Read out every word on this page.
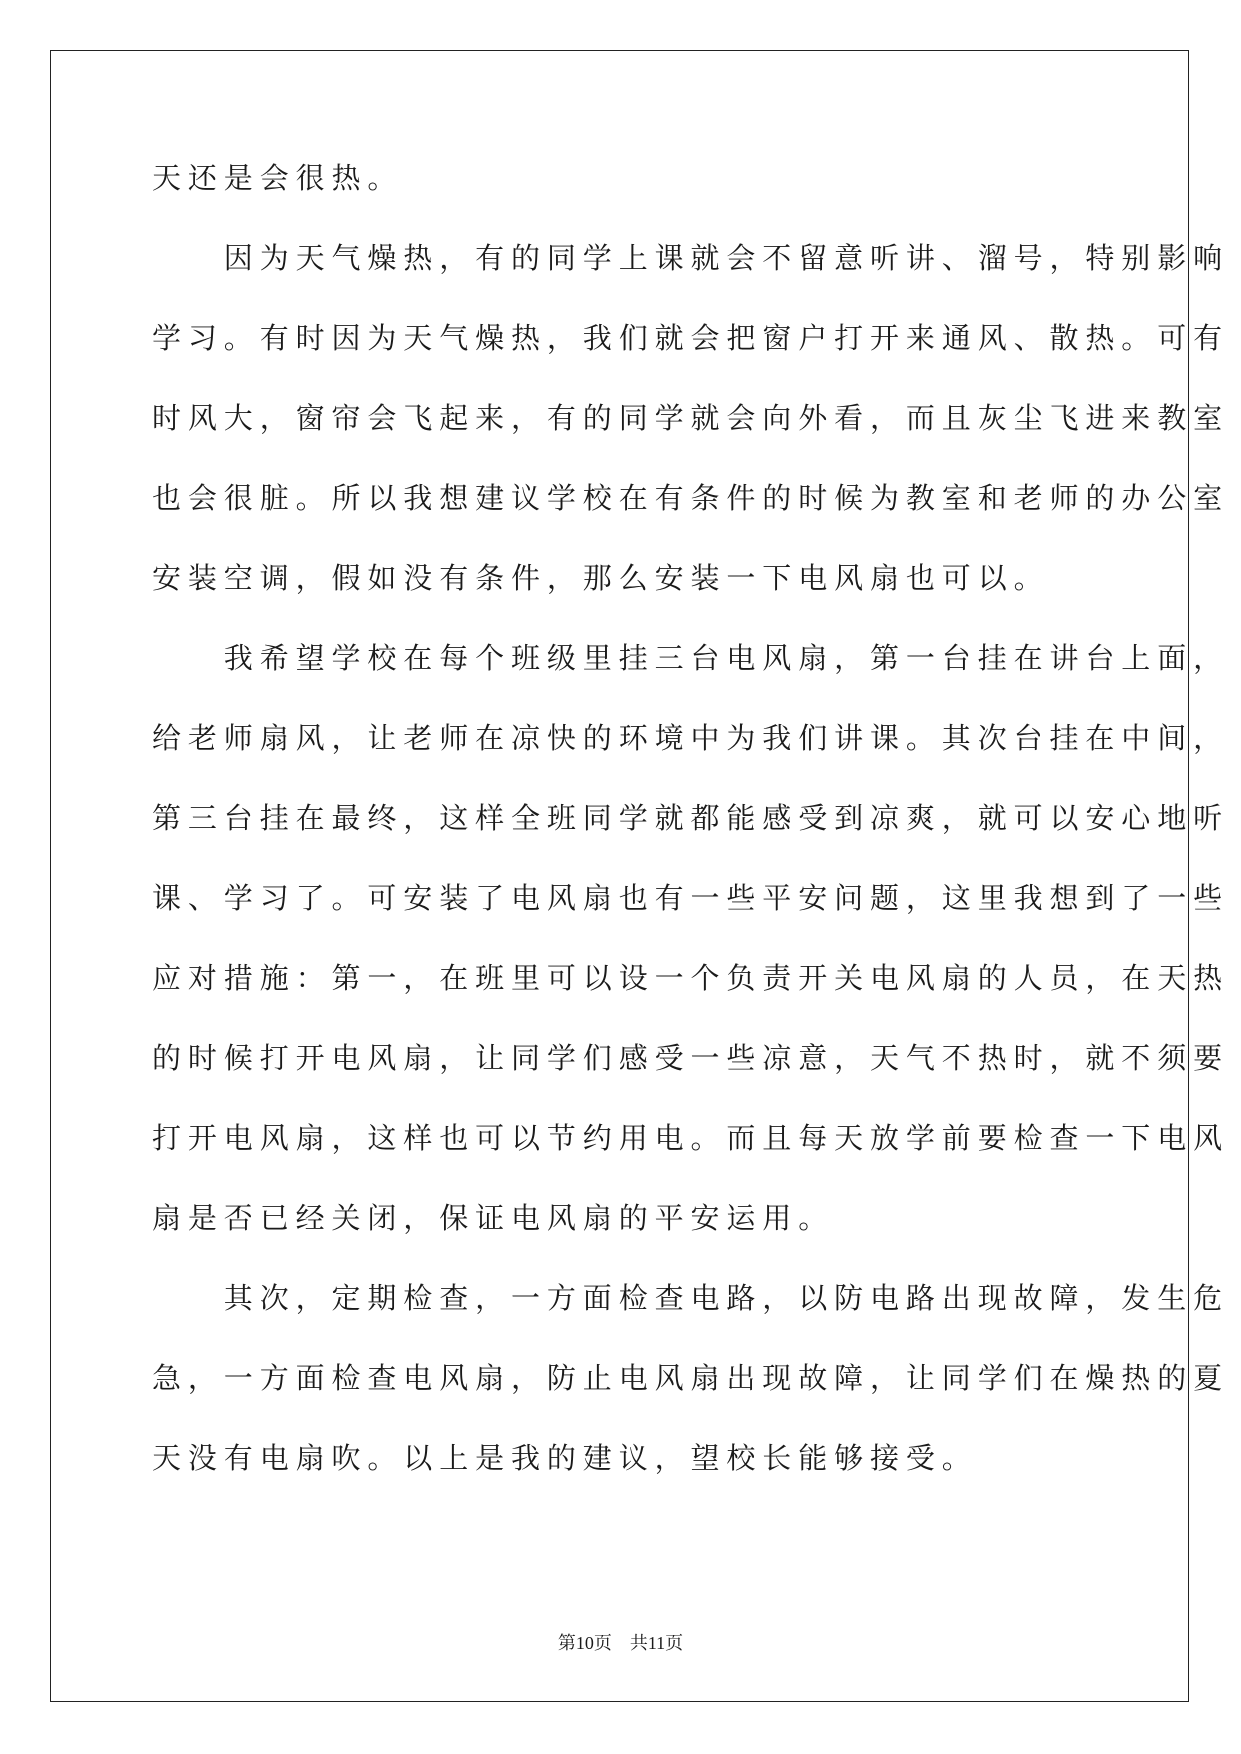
天还是会很热。
　　因为天气燥热，有的同学上课就会不留意听讲、溜号，特别影响
学习。有时因为天气燥热，我们就会把窗户打开来通风、散热。可有
时风大，窗帘会飞起来，有的同学就会向外看，而且灰尘飞进来教室
也会很脏。所以我想建议学校在有条件的时候为教室和老师的办公室
安装空调，假如没有条件，那么安装一下电风扇也可以。
　　我希望学校在每个班级里挂三台电风扇，第一台挂在讲台上面，
给老师扇风，让老师在凉快的环境中为我们讲课。其次台挂在中间，
第三台挂在最终，这样全班同学就都能感受到凉爽，就可以安心地听
课、学习了。可安装了电风扇也有一些平安问题，这里我想到了一些
应对措施：第一，在班里可以设一个负责开关电风扇的人员，在天热
的时候打开电风扇，让同学们感受一些凉意，天气不热时，就不须要
打开电风扇，这样也可以节约用电。而且每天放学前要检查一下电风
扇是否已经关闭，保证电风扇的平安运用。
　　其次，定期检查，一方面检查电路，以防电路出现故障，发生危
急，一方面检查电风扇，防止电风扇出现故障，让同学们在燥热的夏
天没有电扇吹。以上是我的建议，望校长能够接受。
第10页　共11页
